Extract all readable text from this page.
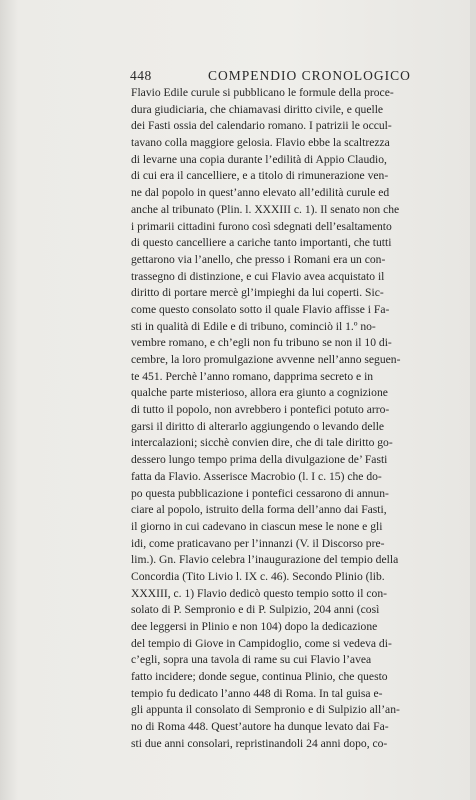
448	COMPENDIO CRONOLOGICO
Flavio Edile curule si pubblicano le formule della proce-
dura giudiciaria, che chiamavasi diritto civile, e quelle
dei Fasti ossia del calendario romano. I patrizii le occul-
tavano colla maggiore gelosia. Flavio ebbe la scaltrezza
di levarne una copia durante l’edilità di Appio Claudio,
di cui era il cancelliere, e a titolo di rimunerazione ven-
ne dal popolo in quest’anno elevato all’edilità curule ed
anche al tribunato (Plin. l. XXXIII c. 1). Il senato non che
i primarii cittadini furono così sdegnati dell’esaltamento
di questo cancelliere a cariche tanto importanti, che tutti
gettarono via l’anello, che presso i Romani era un con-
trassegno di distinzione, e cui Flavio avea acquistato il
diritto di portare mercè gl’impieghi da lui coperti. Sic-
come questo consolato sotto il quale Flavio affisse i Fa-
sti in qualità di Edile e di tribuno, cominciò il 1.º no-
vembre romano, e ch’egli non fu tribuno se non il 10 di-
cembre, la loro promulgazione avvenne nell’anno seguen-
te 451. Perchè l’anno romano, dapprima secreto e in
qualche parte misterioso, allora era giunto a cognizione
di tutto il popolo, non avrebbero i pontefici potuto arro-
garsi il diritto di alterarlo aggiungendo o levando delle
intercalazioni; sicchè convien dire, che di tale diritto go-
dessero lungo tempo prima della divulgazione de’ Fasti
fatta da Flavio. Asserisce Macrobio (l. I c. 15) che do-
po questa pubblicazione i pontefici cessarono di annun-
ciare al popolo, istruito della forma dell’anno dai Fasti,
il giorno in cui cadevano in ciascun mese le none e gli
idi, come praticavano per l’innanzi (V. il Discorso pre-
lim.). Gn. Flavio celebra l’inaugurazione del tempio della
Concordia (Tito Livio l. IX c. 46). Secondo Plinio (lib.
XXXIII, c. 1) Flavio dedicò questo tempio sotto il con-
solato di P. Sempronio e di P. Sulpizio, 204 anni (così
dee leggersi in Plinio e non 104) dopo la dedicazione
del tempio di Giove in Campidoglio, come si vedeva di-
c’egli, sopra una tavola di rame su cui Flavio l’avea
fatto incidere; donde segue, continua Plinio, che questo
tempio fu dedicato l’anno 448 di Roma. In tal guisa e-
gli appunta il consolato di Sempronio e di Sulpizio all’an-
no di Roma 448. Quest’autore ha dunque levato dai Fa-
sti due anni consolari, repristinandoli 24 anni dopo, co-
